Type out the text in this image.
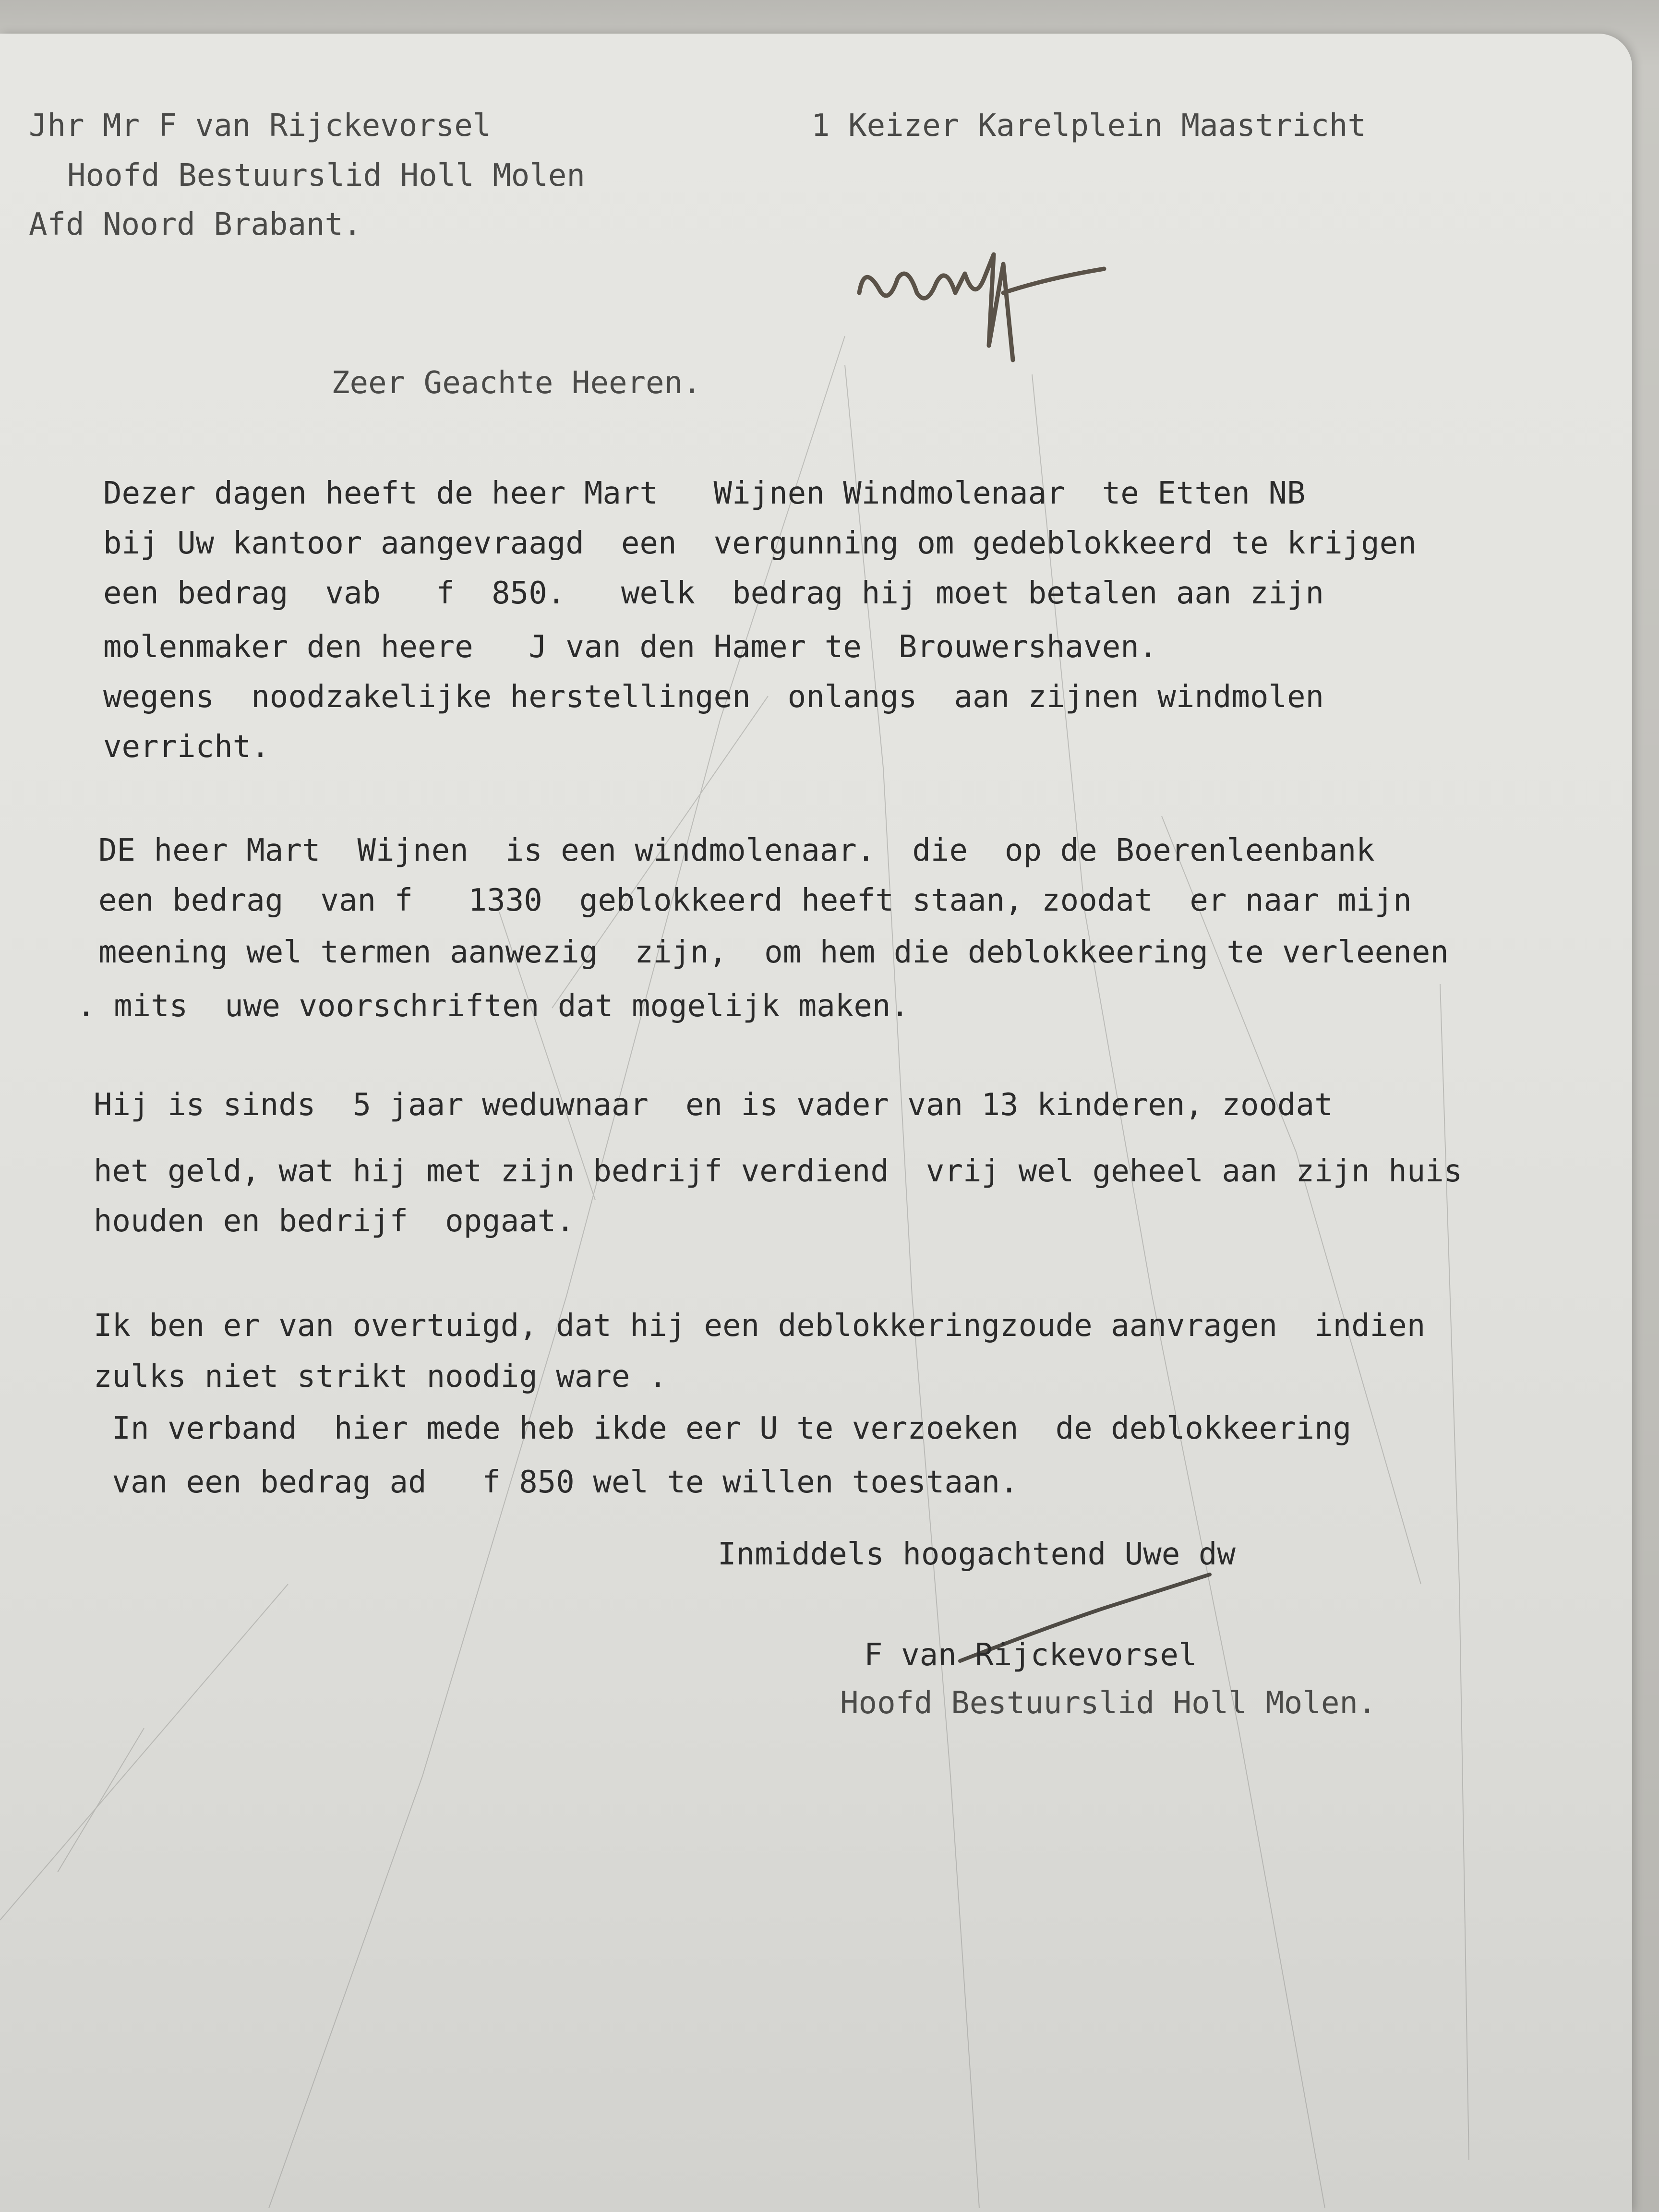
Jhr Mr F van Rijckevorsel

Hoofd Bestuurslid Holl Molen

Afd Noord Brabant.

1 Keizer Karelplein Maastricht

Zeer Geachte Heeren.

Dezer dagen heeft de heer Mart   Wijnen Windmolenaar  te Etten NB

bij Uw kantoor aangevraagd  een  vergunning om gedeblokkeerd te krijgen

een bedrag  vab   f  850.   welk  bedrag hij moet betalen aan zijn

molenmaker den heere   J van den Hamer te  Brouwershaven.

wegens  noodzakelijke herstellingen  onlangs  aan zijnen windmolen

verricht.

DE heer Mart  Wijnen  is een windmolenaar.  die  op de Boerenleenbank

een bedrag  van f   1330  geblokkeerd heeft staan, zoodat  er naar mijn

meening wel termen aanwezig  zijn,  om hem die deblokkeering te verleenen

. mits  uwe voorschriften dat mogelijk maken.

Hij is sinds  5 jaar weduwnaar  en is vader van 13 kinderen, zoodat

het geld, wat hij met zijn bedrijf verdiend  vrij wel geheel aan zijn huis

houden en bedrijf  opgaat.

Ik ben er van overtuigd, dat hij een deblokkeringzoude aanvragen  indien

zulks niet strikt noodig ware .

In verband  hier mede heb ikde eer U te verzoeken  de deblokkeering

van een bedrag ad   f 850 wel te willen toestaan.

Inmiddels hoogachtend Uwe dw

F van Rijckevorsel

Hoofd Bestuurslid Holl Molen.
